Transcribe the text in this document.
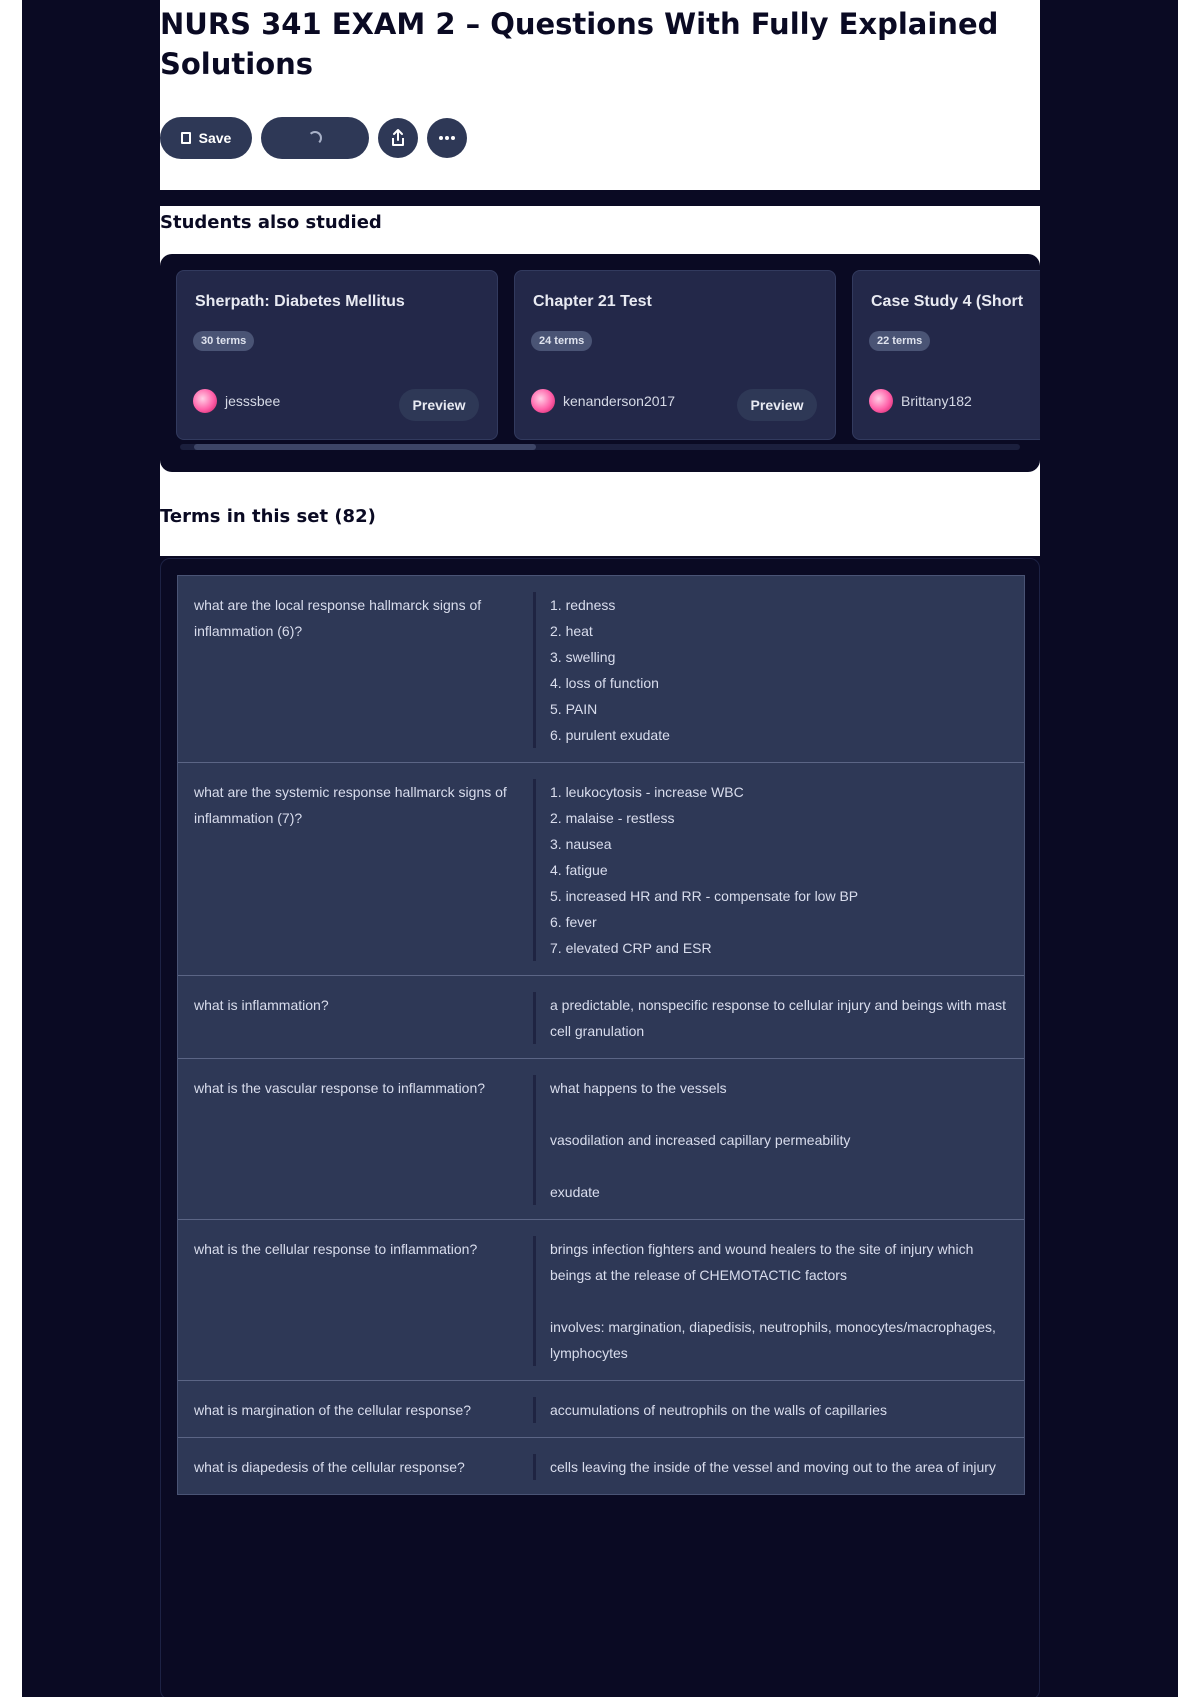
NURS 341 EXAM 2 – Questions With Fully Explained Solutions
Save
Students also studied
Sherpath: Diabetes Mellitus
30 terms
jesssbee	Preview
Chapter 21 Test
24 terms
kenanderson2017	Preview
Case Study 4 (Short
22 terms
Brittany182
Terms in this set (82)
what are the local response hallmarck signs of inflammation (6)?
1. redness
2. heat
3. swelling
4. loss of function
5. PAIN
6. purulent exudate
what are the systemic response hallmarck signs of inflammation (7)?
1. leukocytosis - increase WBC
2. malaise - restless
3. nausea
4. fatigue
5. increased HR and RR - compensate for low BP
6. fever
7. elevated CRP and ESR
what is inflammation?	a predictable, nonspecific response to cellular injury and beings with mast cell granulation
what is the vascular response to inflammation?	what happens to the vessels

vasodilation and increased capillary permeability

exudate
what is the cellular response to inflammation?	brings infection fighters and wound healers to the site of injury which beings at the release of CHEMOTACTIC factors

involves: margination, diapedisis, neutrophils, monocytes/macrophages, lymphocytes
what is margination of the cellular response?	accumulations of neutrophils on the walls of capillaries
what is diapedesis of the cellular response?	cells leaving the inside of the vessel and moving out to the area of injury
